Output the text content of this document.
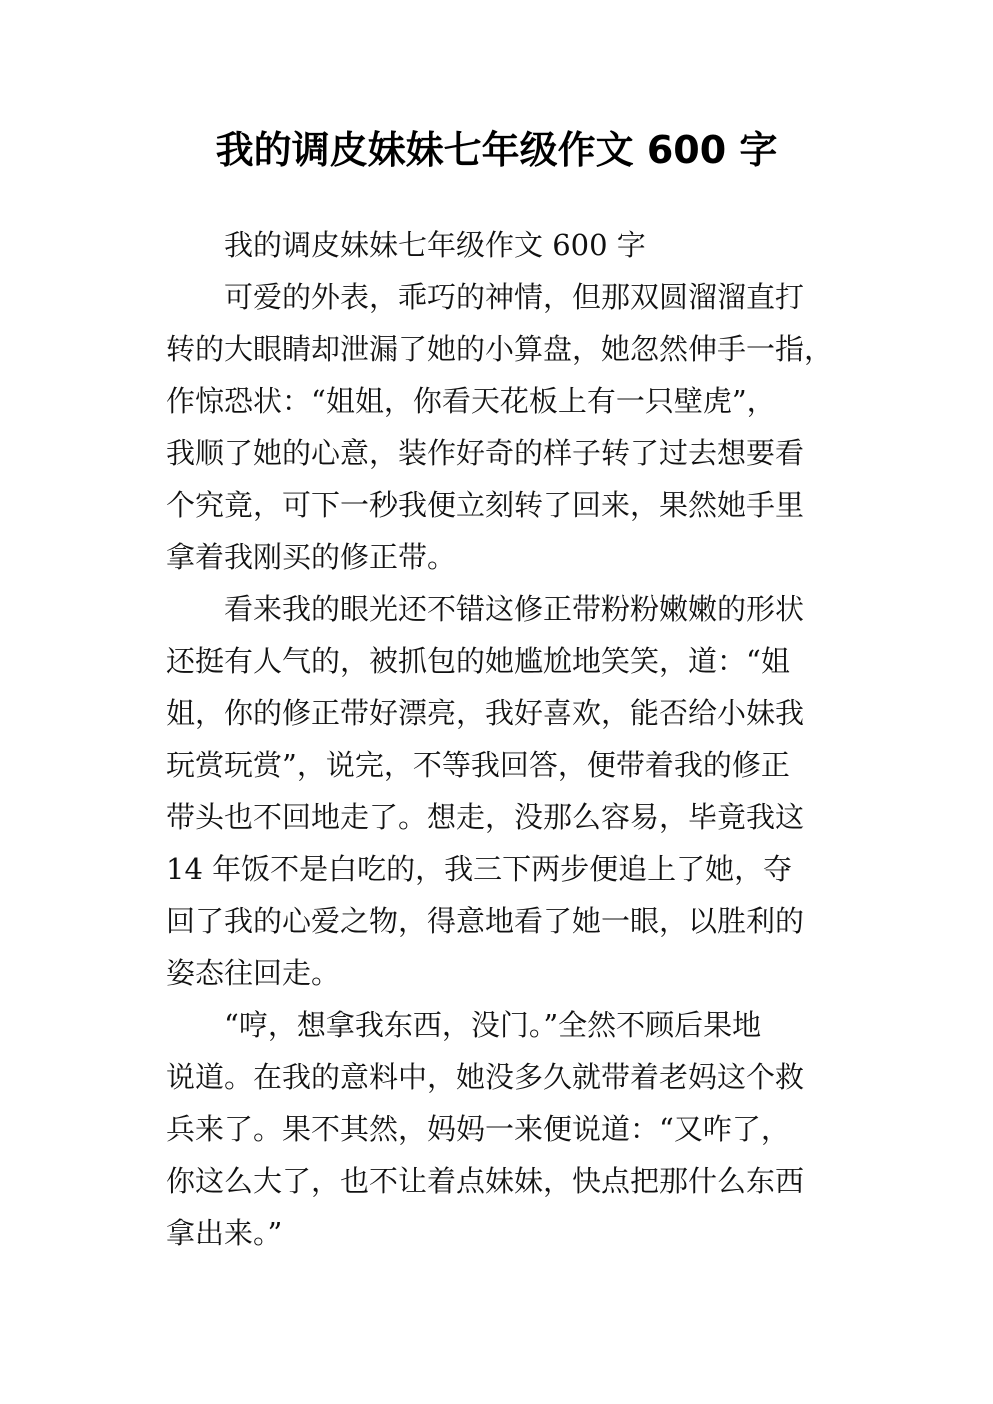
我的调皮妹妹七年级作文 600 字
我的调皮妹妹七年级作文 600 字
可爱的外表，乖巧的神情，但那双圆溜溜直打
转的大眼睛却泄漏了她的小算盘，她忽然伸手一指，
作惊恐状：“姐姐，你看天花板上有一只壁虎”，
我顺了她的心意，装作好奇的样子转了过去想要看
个究竟，可下一秒我便立刻转了回来，果然她手里
拿着我刚买的修正带。
看来我的眼光还不错这修正带粉粉嫩嫩的形状
还挺有人气的，被抓包的她尴尬地笑笑，道：“姐
姐，你的修正带好漂亮，我好喜欢，能否给小妹我
玩赏玩赏”，说完，不等我回答，便带着我的修正
带头也不回地走了。想走，没那么容易，毕竟我这
14 年饭不是白吃的，我三下两步便追上了她，夺
回了我的心爱之物，得意地看了她一眼，以胜利的
姿态往回走。
“哼，想拿我东西，没门。”全然不顾后果地
说道。在我的意料中，她没多久就带着老妈这个救
兵来了。果不其然，妈妈一来便说道：“又咋了，
你这么大了，也不让着点妹妹，快点把那什么东西
拿出来。”
